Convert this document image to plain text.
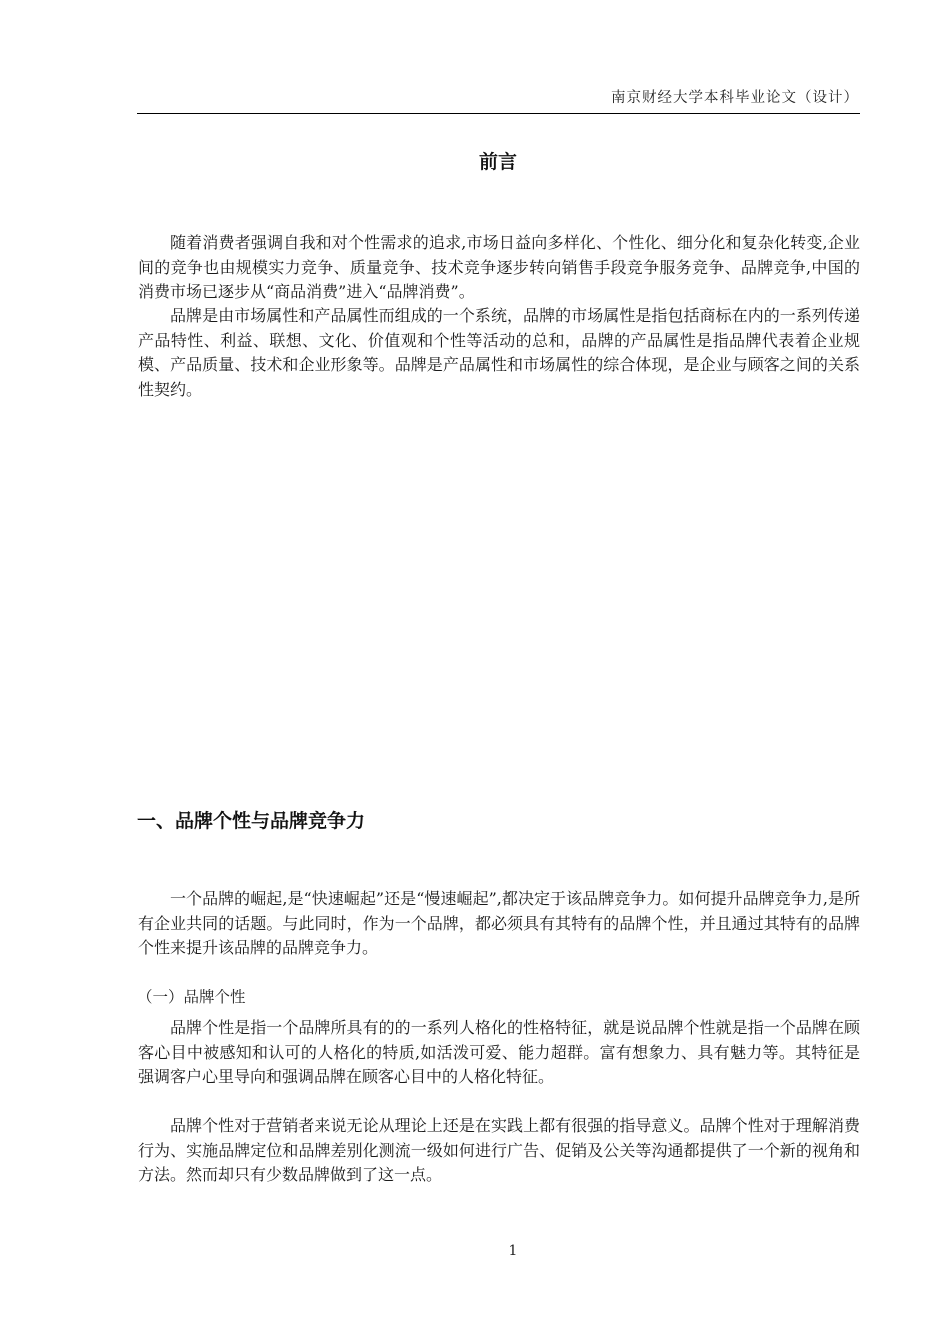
南京财经大学本科毕业论文（设计）
前言

随着消费者强调自我和对个性需求的追求,市场日益向多样化、个性化、细分化和复杂化转变,企业间的竞争也由规模实力竞争、质量竞争、技术竞争逐步转向销售手段竞争服务竞争、品牌竞争,中国的消费市场已逐步从“商品消费”进入“品牌消费”。

品牌是由市场属性和产品属性而组成的一个系统，品牌的市场属性是指包括商标在内的一系列传递产品特性、利益、联想、文化、价值观和个性等活动的总和，品牌的产品属性是指品牌代表着企业规模、产品质量、技术和企业形象等。品牌是产品属性和市场属性的综合体现，是企业与顾客之间的关系性契约。

一、品牌个性与品牌竞争力

一个品牌的崛起,是“快速崛起”还是“慢速崛起”,都决定于该品牌竞争力。如何提升品牌竞争力,是所有企业共同的话题。与此同时，作为一个品牌，都必须具有其特有的品牌个性，并且通过其特有的品牌个性来提升该品牌的品牌竞争力。

（一）品牌个性

品牌个性是指一个品牌所具有的的一系列人格化的性格特征，就是说品牌个性就是指一个品牌在顾客心目中被感知和认可的人格化的特质,如活泼可爱、能力超群。富有想象力、具有魅力等。其特征是强调客户心里导向和强调品牌在顾客心目中的人格化特征。

品牌个性对于营销者来说无论从理论上还是在实践上都有很强的指导意义。品牌个性对于理解消费行为、实施品牌定位和品牌差别化测流一级如何进行广告、促销及公关等沟通都提供了一个新的视角和方法。然而却只有少数品牌做到了这一点。

1
